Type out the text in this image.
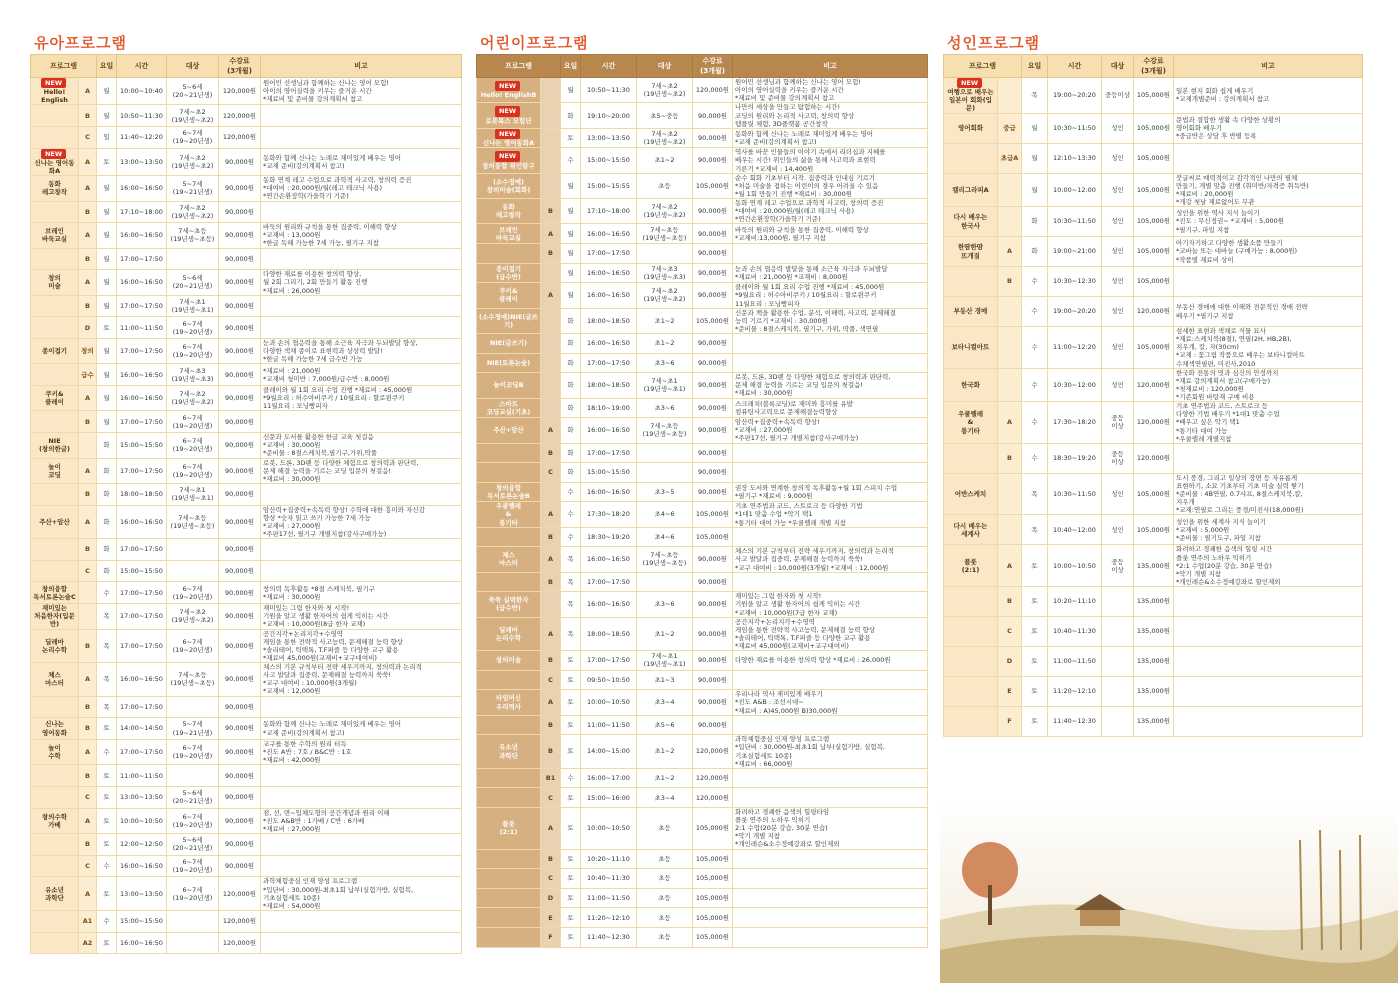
유아프로그램
프로그램		요일	시간	대상	수강료
(3개월)	비고
NEW
Hello! English	A	월	10:00~10:40	5~6세
(20~21년생)	120,000원	원어민 선생님과 함께하는 신나는 영어 모험!
아이의 영어실력을 키우는 즐거운 시간
*재료비 및 준비물 강의계획서 참고
	B	월	10:50~11:30	7세~초2
(19년생~초2)	120,000원	
	C	일	11:40~12:20	6~7세
(19~20년생)	120,000원	
NEW
신나는 영어동화A	A	토	13:00~13:50	7세~초2
(19년생~초2)	90,000원	동화와 함께 신나는 노래로 재미있게 배우는 영어
*교재 준비(강의계획서 참고)
동화
레고창작	A	월	16:00~16:50	5~7세
(19~21년생)	90,000원	동화 연계 레고 수업으로 과학적 사고력, 창의력 증진
*대여비 : 20,000원/월(레고 테크닉 사용)
*연간손환장학(가을학기 기준)
	B	월	17:10~18:00	7세~초2
(19년생~초2)	90,000원	
브레인
바둑교실	A	월	16:00~16:50	7세~초등
(19년생~초등)	90,000원	바둑의 원리와 규칙을 통한 집중력, 이해력 향상
*교재비 : 13,000원
*한글 독해 가능한 7세 가능, 필기구 지참
	B	월	17:00~17:50		90,000원	
창의
미술	A	월	16:00~16:50	5~6세
(20~21년생)	90,000원	다양한 재료를 이용한 창의력 향상,
월 2회 그리기, 2회 만들기 활동 진행
*재료비 : 26,000원
	B	월	17:00~17:50	7세~초1
(19년생~초1)	90,000원	
	D	토	11:00~11:50	6~7세
(19~20년생)	90,000원	
종이접기	창의	월	17:00~17:50	6~7세
(19~20년생)	90,000원	눈과 손의 협응력을 통해 소근육 자극과 두뇌발달 향상,
다양한 색채 종이로 표현력과 상상력 발달!
*한글 독해 가능한 7세 급수반 가능
	급수	월	16:00~16:50	7세~초3
(19년생~초3)	90,000원	*재료비 : 21,000원
*교재비 청미반 : 7,000원/급수반 : 8,000원
쿠키&
클레이	A	월	16:00~16:50	7세~초2
(19년생~초2)	90,000원	클레이와 월 1회 요리 수업 진행 *재료비 : 45,000원
*9월요리 : 허수아비쿠키 / 10월요리 : 할로윈쿠키
11월요리 : 모닝빵피자
	B	월	17:00~17:50	6~7세
(19~20년생)	90,000원	
NIE
(창의한글)		화	15:00~15:50	6~7세
(19~20년생)	90,000원	신문과 도서를 활용한 한글 교육 첫걸음
*교재비 : 30,000원
*준비물 : 8절스케치북,필기구,가위,딱풀
놀이
코딩	A	화	17:00~17:50	6~7세
(19~20년생)	90,000원	로봇, 드론, 3D펜 등 다양한 체험으로 창의력과 판단력,
문제 해결 능력을 기르는 코딩 입문의 첫걸음!
*재료비 : 30,000원
	B	화	18:00~18:50	7세~초1
(19년생~초1)	90,000원	
주산+암산	A	화	16:00~16:50	7세~초등
(19년생~초등)	90,000원	암산력+집중력+속독력 향상! 수학에 대한 흥미와 자신감
향상 *숫자 읽고 쓰기 가능한 7세 가능
*교재비 : 27,000원
*주판17선, 필기구 개별지참(강사구매가능)
	B	화	17:00~17:50		90,000원	
	C	화	15:00~15:50		90,000원	
창의융합
독서토론논술C		수	17:00~17:50	6~7세
(19~20년생)	90,000원	창의력 독후활동 *8절 스케치북, 필기구
*재료비 : 30,000원
재미있는
처음한자(입문반)		목	17:00~17:50	7세~초2
(19년생~초2)	90,000원	재미있는 그림 한자와 첫 시작!
기원을 알고 생활 한자어의 쉽게 익히는 시간
*교재비 : 10,000원(8급 한자 교재)
딜레마
논리수학	B	목	17:00~17:50	6~7세
(19~20년생)	90,000원	공간지각+논리지각+수영역
게임을 통한 전략적 사고능력, 문제해결 능력 향상
*솔리테어, 틱택톡, T.F퍼즐 등 다양한 교구 활용
*재료비 45,000원(교재비+교구대여비)
체스
마스터	A	목	16:00~16:50	7세~초등
(19년생~초등)	90,000원	체스의 기본 규칙부터 전략 세우기까지, 창의력과 논리적
사고 발달과 집중력, 문제해결 능력까지 쑥쑥!
*교구 대여비 : 10,000원(3개월)
*교재비 : 12,000원
	B	목	17:00~17:50		90,000원	
신나는
영어동화	B	토	14:00~14:50	5~7세
(19~21년생)	90,000원	동화와 함께 신나는 노래로 재미있게 배우는 영어
*교재 준비(강의계획서 참고)
놀이
수학	A	수	17:00~17:50	6~7세
(19~20년생)	90,000원	교구를 통한 수학의 원리 터득
*진도 A반 : 7호 / B&C반 : 1호
*재료비 : 42,000원
	B	토	11:00~11:50		90,000원	
	C	토	13:00~13:50	5~6세
(20~21년생)	90,000원	
창의수학
가베	A	토	10:00~10:50	6~7세
(19~20년생)	90,000원	점, 선, 면~입체도형의 공간개념과 원리 이해
*진도 A&B반 : 1가베 / C반 : 6가베
*재료비 : 27,000원
	B	토	12:00~12:50	5~6세
(20~21년생)	90,000원	
	C	수	16:00~16:50	6~7세
(19~20년생)	90,000원	
유소년
과학단	A	토	13:00~13:50	6~7세
(19~20년생)	120,000원	과학체험중심 인재 양성 프로그램
*입단비 : 30,000원-최초1회 납부(실험가방, 실험복,
기초실험세트 10종)
*재료비 : 54,000원
	A1	수	15:00~15:50		120,000원	
	A2	토	16:00~16:50		120,000원	
어린이프로그램
프로그램		요일	시간	대상	수강료
(3개월)	비고
NEW
Hello! EnglishB		월	10:50~11:30	7세~초2
(19년생~초2)	120,000원	원어민 선생님과 함께하는 신나는 영어 모험!
아이의 영어실력을 키우는 즐거운 시간
*재료비 및 준비물 강의계획서 참고
NEW
로봇톡스 모험단		화	19:10~20:00	초5~중등	90,000원	나만의 세상을 만들고 탐험하는 시간!
코딩의 원리와 논리적 사고력, 창의력 향상
템플릿 체험, 3D플랫폼 공간창작
NEW
신나는 영어동화A		토	13:00~13:50	7세~초2
(19년생~초2)	90,000원	동화와 함께 신나는 노래로 재미있게 배우는 영어
*교재 준비(강의계획서 참고)
NEW
창의융합 위인탐구		수	15:00~15:50	초1~2	90,000원	역사를 바꾼 인물들의 이야기 속에서 리더십과 지혜를
배우는 시간! 위인들의 삶을 통해 사고력과 표현력
기른기 *교재비 : 14,400원
(소수정예)
창의미술(회화)		월	15:00~15:55	초등	105,000원	순수 회화 기초부터 시작. 집중력과 인내심 기르기
*처음 미술을 접하는 어린이의 경우 어려울 수 있음
*월 1회 만들기 진행 *재료비 : 30,000원
동화
레고창작	B	월	17:10~18:00	7세~초2
(19년생~초2)	90,000원	동화 연계 레고 수업으로 과학적 사고력, 창의력 증진
*대여비 : 20,000원/월(레고 테크닉 사용)
*연간손환장학(가을학기 기준)
브레인
바둑교실	A	월	16:00~16:50	7세~초등
(19년생~초등)	90,000원	바둑의 원리와 규칙을 통한 집중력, 이해력 향상
*교재비:13,000원, 필기구 지참
	B	월	17:00~17:50		90,000원	
종이접기
(급수반)		월	16:00~16:50	7세~초3
(19년생~초3)	90,000원	눈과 손의 협응력 발달을 통해 소근육 자극과 두뇌발달
*재료비 : 21,000원 *교재비 : 8,000원
쿠키&
클레이	A	월	16:00~16:50	7세~초2
(19년생~초2)	90,000원	클레이와 월 1회 요리 수업 진행 *재료비 : 45,000원
*9월요리 : 허수아비쿠키 / 10월요리 : 할로윈쿠키
11월요리 : 모닝빵피자
(소수정예)NIE(글쓰기)		화	18:00~18:50	초1~2	105,000원	신문과 책을 활용한 수업, 분석, 이해력, 사고력, 문제해결
능력 기르기 *교재비 : 30,000원
*준비물 : 8절스케치북, 필기구, 가위, 딱풀, 색연필
NIE(글쓰기)		화	16:00~16:50	초1~2	90,000원	
NIE(토론논술)		화	17:00~17:50	초3~6	90,000원	
놀이코딩B		화	18:00~18:50	7세~초1
(19년생~초1)	90,000원	로봇, 드론, 3D펜 등 다양한 체험으로 창의력과 판단력,
문제 해결 능력을 기르는 코딩 입문의 첫걸음!
*재료비 : 30,000원
스마트
코딩교실(기초)		화	18:10~19:00	초3~6	90,000원	스크래치(블록코딩)로 재미와 흥미를 유발
컴퓨팅사고력으로 문제해결능력향상
주산+암산	A	화	16:00~16:50	7세~초등
(19년생~초등)	90,000원	암산력+집중력+속독력 향상!
*교재비 : 27,000원
*주판17선, 필기구 개별지참(강사구매가능)
	B	화	17:00~17:50		90,000원	
	C	화	15:00~15:50		90,000원	
창의융합
독서토론논술B		수	16:00~16:50	초3~5	90,000원	권장 도서와 연계한 창의적 독후활동+월 1회 스피치 수업
*필기구 *재료비 : 9,000원
우쿨렐레
&
통기타	A	수	17:30~18:20	초4~6	105,000원	기초 연주법과 코드, 스트로크 등 다양한 기법
*1대1 맞춤 수업 *악기 택1
*통기타 대여 가능 *우쿨렐레 개별 지참
	B	수	18:30~19:20	초4~6	105,000원	
체스
마스터	A	목	16:00~16:50	7세~초등
(19년생~초등)	90,000원	체스의 기본 규칙부터 전략 세우기까지, 창의력과 논리적
사고 발달과 집중력, 문제해결 능력까지 쑥쑥!
*교구 대여비 : 10,000원(3개월) *교재비 : 12,000원
	B	목	17:00~17:50		90,000원	
쑥쑥 실력한자
(급수반)		목	16:00~16:50	초3~6	90,000원	재미있는 그림 한자와 첫 시작!
기원을 알고 생활 한자어의 쉽게 익히는 시간
*교재비 : 10,000원(7급 한자 교재)
딜레마
논리수학	A	목	18:00~18:50	초1~2	90,000원	공간지각+논리지각+수영역
게임을 통한 전략적 사고능력, 문제해결 능력 향상
*솔리테어, 틱택톡, T.F퍼즐 등 다양한 교구 활용
*재료비 45,000원(교재비+교구대여비)
창의미술	B	토	17:00~17:50	7세~초1
(19년생~초1)	90,000원	다양한 재료를 이용한 창의력 향상 *재료비 : 26,000원
	C	토	09:50~10:50	초1~3	90,000원	
타임머신
우리역사	A	토	10:00~10:50	초3~4	90,000원	우리나라 역사 재미있게 배우기
*진도 A&B : 조선시대~
*재료비 : A)45,000원 B)30,000원
	B	토	11:00~11:50	초5~6	90,000원	
유소년
과학단	B	토	14:00~15:00	초1~2	120,000원	과학체험중심 인재 양성 프로그램
*입단비 : 30,000원-최초1회 납부(실험가방, 실험복,
기초실험세트 10종)
*재료비 : 66,000원
	B1	수	16:00~17:00	초1~2	120,000원	
	C	토	15:00~16:00	초3~4	120,000원	
플룻
(2:1)	A	토	10:00~10:50	초등	105,000원	화려하고 경쾌한 음색의 힐링타임
플룻 연주의 노하우 익히기
2:1 수업(20분 강습, 30분 연습)
*악기 개별 지참
*개인레슨&소수정예강좌로 할인제외
	B	토	10:20~11:10	초등	105,000원	
	C	토	10:40~11:30	초등	105,000원	
	D	토	11:00~11:50	초등	105,000원	
	E	토	11:20~12:10	초등	105,000원	
	F	토	11:40~12:30	초등	105,000원	
성인프로그램
프로그램		요일	시간	대상	수강료
(3개월)	비고
NEW
여행으로 배우는
일본어 회화(입문)		목	19:00~20:20	중등이상	105,000원	일본 현지 회화 쉽게 배우기
*교재개별준비 : 강의계획서 참고
영어회화	중급	월	10:30~11:50	성인	105,000원	문법과 결합한 생활 속 다양한 상황의
영어회화 배우기
*중급반은 상담 후 반별 등록
	초급A	월	12:10~13:30	성인	105,000원	
캘리그라피A		월	10:00~12:00	성인	105,000원	붓글씨로 매력적이고 감각적인 나만의 필체
만들기, 개별 맞춤 진행 (취미반/자격증 취득반)
*재료비 : 20,000원
*개강 첫날 재료없어도 무관
다시 배우는
한국사		화	10:30~11:50	성인	105,000원	성인을 위한 역사 지식 늘이기
*진도 : 무신정권~ *교재비 : 5,000원
*필기구, 파일 지참
한땀한땀
뜨개질	A	화	19:00~21:00	성인	105,000원	아기자기하고 다양한 생활소품 만들기
*코바늘 또는 대바늘 (구매가능 : 8,000원)
*작품별 재료비 상이
	B	수	10:30~12:30	성인	105,000원	
부동산 경매		수	19:00~20:20	성인	120,000원	부동산 경매에 대한 이해와 전문적인 경매 전략
배우기 *필기구 지참
보타니컬아트		수	11:00~12:20	성인	105,000원	섬세한 표현과 색채로 식물 묘사
*재료:스케치북(8절), 연필(2H, HB,2B),
지우개, 칼, 자(30cm)
*교재 : 꽃그림 작품으로 배우는 보타니컬아트
수채색연필편, 미진사,2010
한국화		수	10:30~12:00	성인	120,000원	한국화 전통의 멋과 심신의 안정까지
*재료 강의계획서 참고(구매가능)
*첫재료비 : 120,000원
*기존회원 바탕재 구매 비용
우쿨렐레
&
통기타	A	수	17:30~18:20	중등
이상	120,000원	기초 연주법과 코드, 스트로크 등
다양한 기법 배우기 *1대1 맞춤 수업
*배우고 싶은 악기 택1
*통기타 대여 가능
*우쿨렐레 개별지참
	B	수	18:30~19:20	중등
이상	120,000원	
어반스케치		목	10:30~11:50	성인	105,000원	도시 풍경, 그리고 일상의 장면 등 자유롭게
표현하기, 소묘 기초부터 기초 미술 실력 쌓기
*준비물 : 4B연필, 0.7샤프, 8절스케치북,칼,
지우개
*교재:연필로 그리는 풍경/미진사(18,000원)
다시 배우는
세계사		목	10:40~12:00	성인	105,000원	성인을 위한 세계사 지식 늘이기
*교재비 : 5,000원
*준비물 : 필기도구, 파일 지참
플룻
(2:1)	A	토	10:00~10:50	중등
이상	135,000원	화려하고 경쾌한 음색의 힐링 시간
플룻 연주의 노하우 익히기
*2:1 수업(20분 강습, 30분 연습)
*악기 개별 지참
*개인레슨&소수정예강좌로 할인제외
	B	토	10:20~11:10		135,000원	
	C	토	10:40~11:30		135,000원	
	D	토	11:00~11:50		135,000원	
	E	토	11:20~12:10		135,000원	
	F	토	11:40~12:30		135,000원	
